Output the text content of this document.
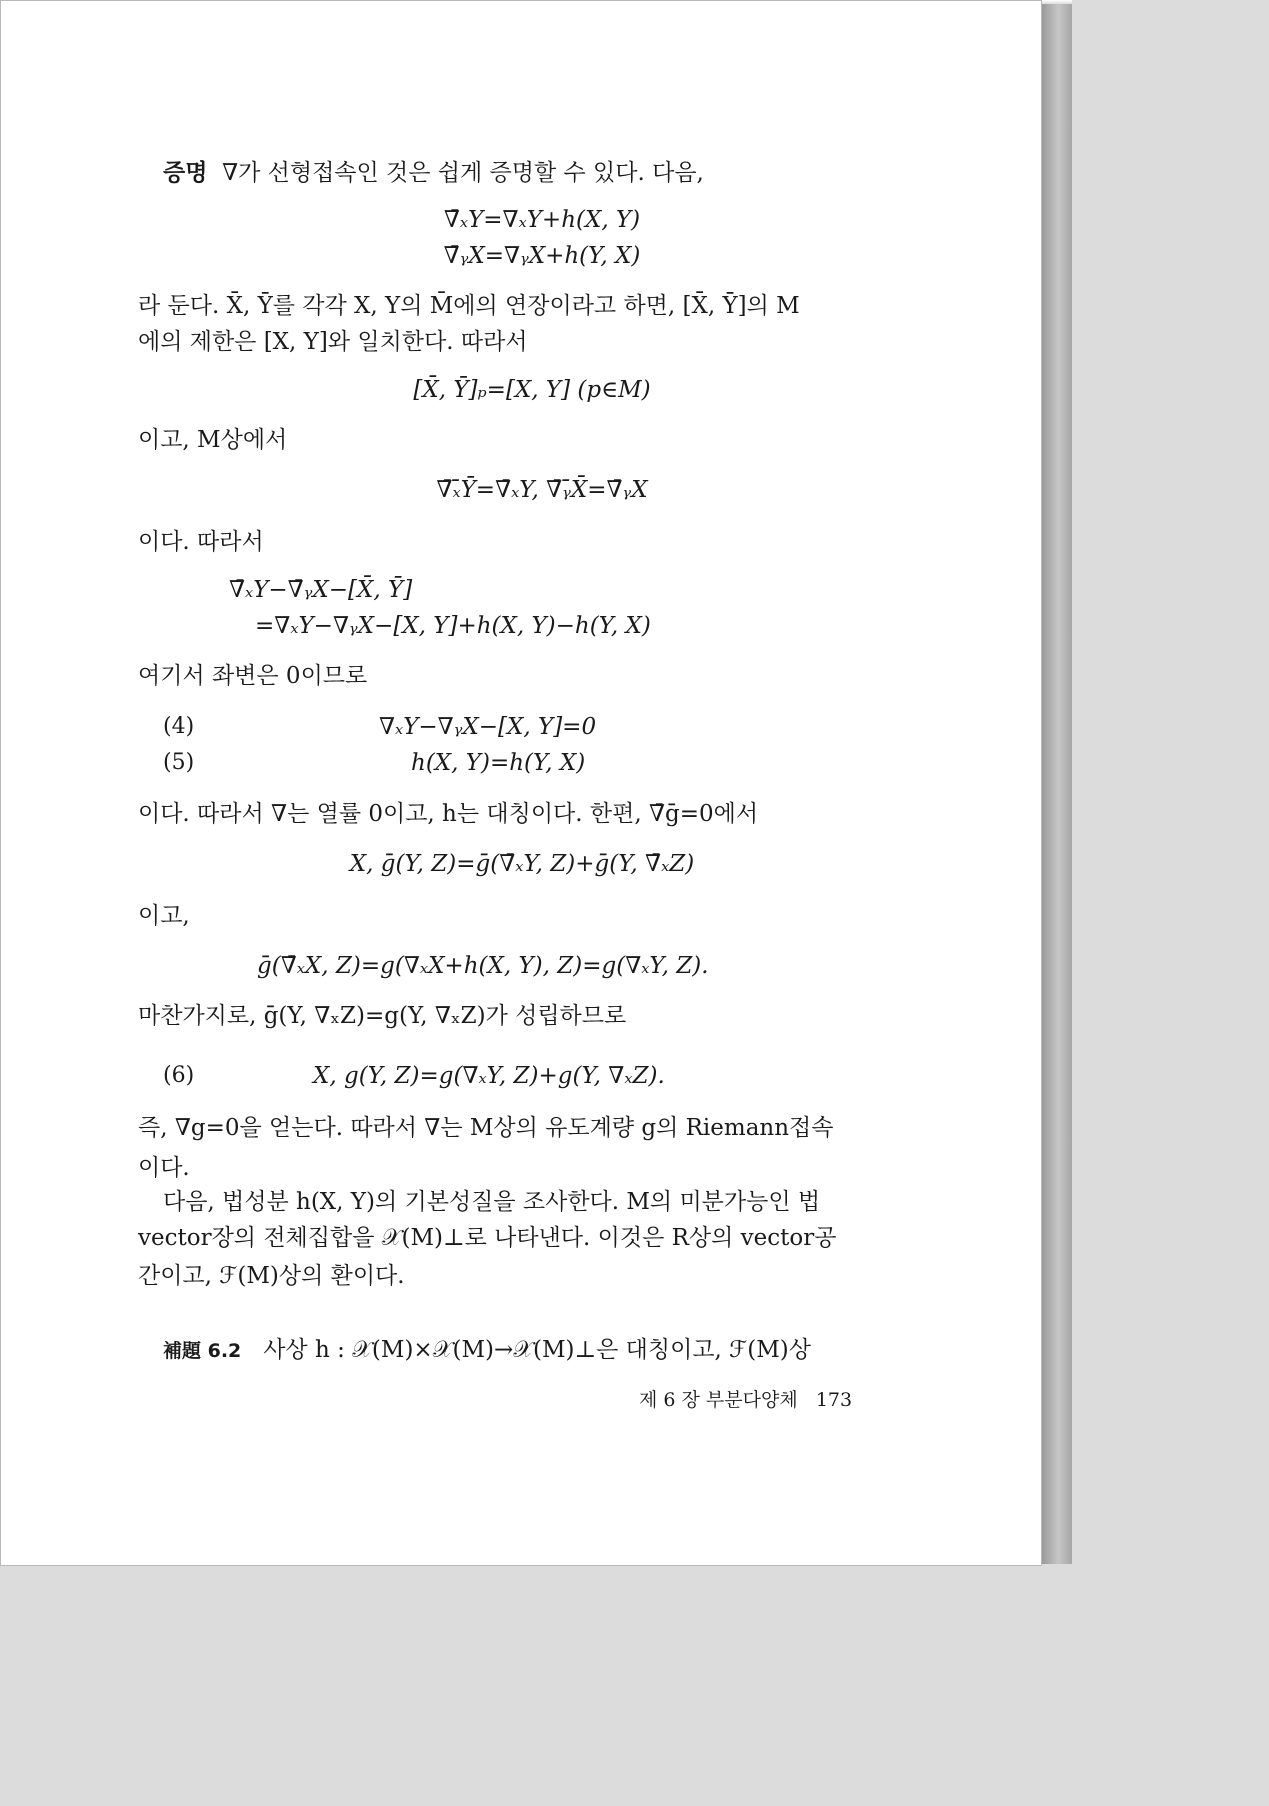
증명 ∇가 선형접속인 것은 쉽게 증명할 수 있다. 다음,
∇̄ₓY=∇ₓY+h(X, Y)
∇̄ᵧX=∇ᵧX+h(Y, X)
라 둔다. X̄, Ȳ를 각각 X, Y의 M̄에의 연장이라고 하면, [X̄, Ȳ]의 M
에의 제한은 [X, Y]와 일치한다. 따라서
[X̄, Ȳ]ₚ=[X, Y] (p∈M)
이고, M상에서
∇̄ₓ̄Ȳ=∇̄ₓY, ∇̄ᵧ̄X̄=∇̄ᵧX
이다. 따라서
∇̄ₓY−∇̄ᵧX−[X̄, Ȳ]
=∇ₓY−∇ᵧX−[X, Y]+h(X, Y)−h(Y, X)
여기서 좌변은 0이므로
(4)	∇ₓY−∇ᵧX−[X, Y]=0
(5)	h(X, Y)=h(Y, X)
이다. 따라서 ∇는 열률 0이고, h는 대칭이다. 한편, ∇̄ḡ=0에서
X, ḡ(Y, Z)=ḡ(∇̄ₓY, Z)+ḡ(Y, ∇̄ₓZ)
이고,
ḡ(∇̄ₓX, Z)=g(∇ₓX+h(X, Y), Z)=g(∇ₓY, Z).
마찬가지로, ḡ(Y, ∇ₓZ)=g(Y, ∇ₓZ)가 성립하므로
(6)	X, g(Y, Z)=g(∇ₓY, Z)+g(Y, ∇ₓZ).
즉, ∇g=0을 얻는다. 따라서 ∇는 M상의 유도계량 g의 Riemann접속
이다.
다음, 법성분 h(X, Y)의 기본성질을 조사한다. M의 미분가능인 법
vector장의 전체집합을 𝒳(M)⊥로 나타낸다. 이것은 R상의 vector공
간이고, ℱ(M)상의 환이다.
補題 6.2 사상 h : 𝒳(M)×𝒳(M)→𝒳(M)⊥은 대칭이고, ℱ(M)상
제 6 장 부분다양체 173
